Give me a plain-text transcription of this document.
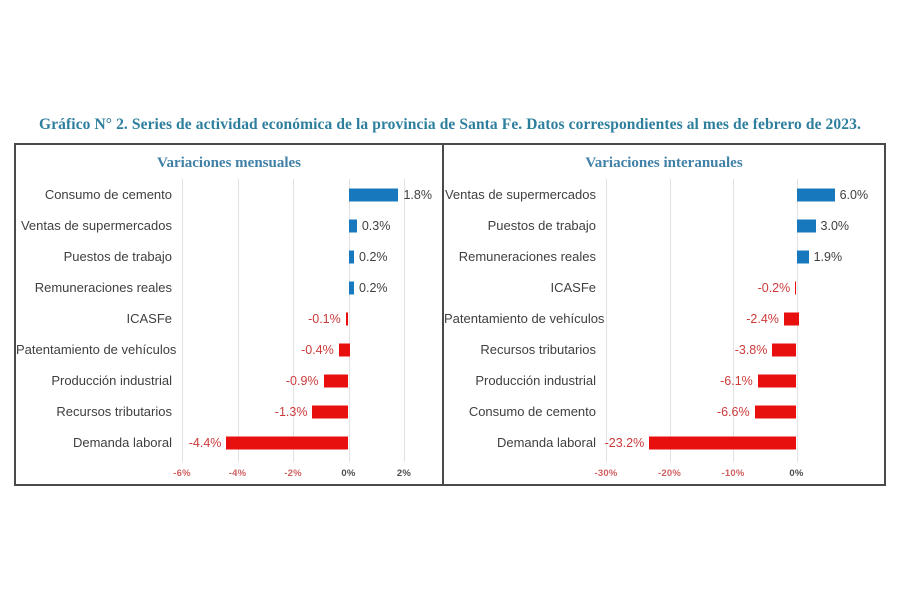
Gráfico N° 2. Series de actividad económica de la provincia de Santa Fe. Datos correspondientes al mes de febrero de 2023.
Variaciones mensuales
Consumo de cemento	1.8%
Ventas de supermercados	0.3%
Puestos de trabajo	0.2%
Remuneraciones reales	0.2%
ICASFe	-0.1%
Patentamiento de vehículos	-0.4%
Producción industrial	-0.9%
Recursos tributarios	-1.3%
Demanda laboral	-4.4%
-6%	-4%	-2%	0%	2%
Variaciones interanuales
Ventas de supermercados	6.0%
Puestos de trabajo	3.0%
Remuneraciones reales	1.9%
ICASFe	-0.2%
Patentamiento de vehículos	-2.4%
Recursos tributarios	-3.8%
Producción industrial	-6.1%
Consumo de cemento	-6.6%
Demanda laboral -23.2%
-30%	-20%	-10%	0%
